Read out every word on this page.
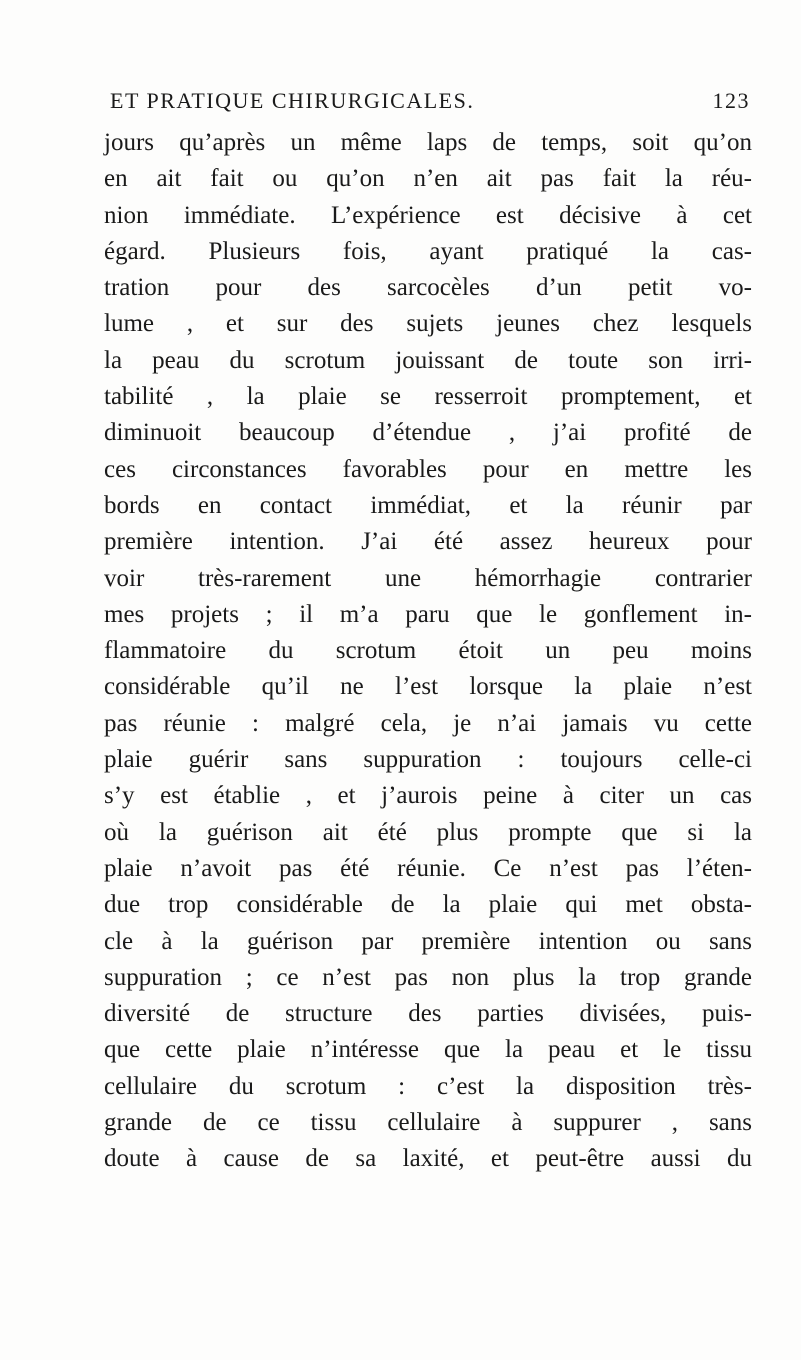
ET PRATIQUE CHIRURGICALES.	123
jours qu’après un même laps de temps, soit qu’on
en ait fait ou qu’on n’en ait pas fait la réu-
nion immédiate. L’expérience est décisive à cet
égard. Plusieurs fois, ayant pratiqué la cas-
tration pour des sarcocèles d’un petit vo-
lume , et sur des sujets jeunes chez lesquels
la peau du scrotum jouissant de toute son irri-
tabilité , la plaie se resserroit promptement, et
diminuoit beaucoup d’étendue , j’ai profité de
ces circonstances favorables pour en mettre les
bords en contact immédiat, et la réunir par
première intention. J’ai été assez heureux pour
voir très-rarement une hémorrhagie contrarier
mes projets ; il m’a paru que le gonflement in-
flammatoire du scrotum étoit un peu moins
considérable qu’il ne l’est lorsque la plaie n’est
pas réunie : malgré cela, je n’ai jamais vu cette
plaie guérir sans suppuration : toujours celle-ci
s’y est établie , et j’aurois peine à citer un cas
où la guérison ait été plus prompte que si la
plaie n’avoit pas été réunie. Ce n’est pas l’éten-
due trop considérable de la plaie qui met obsta-
cle à la guérison par première intention ou sans
suppuration ; ce n’est pas non plus la trop grande
diversité de structure des parties divisées, puis-
que cette plaie n’intéresse que la peau et le tissu
cellulaire du scrotum : c’est la disposition très-
grande de ce tissu cellulaire à suppurer , sans
doute à cause de sa laxité, et peut-être aussi du
